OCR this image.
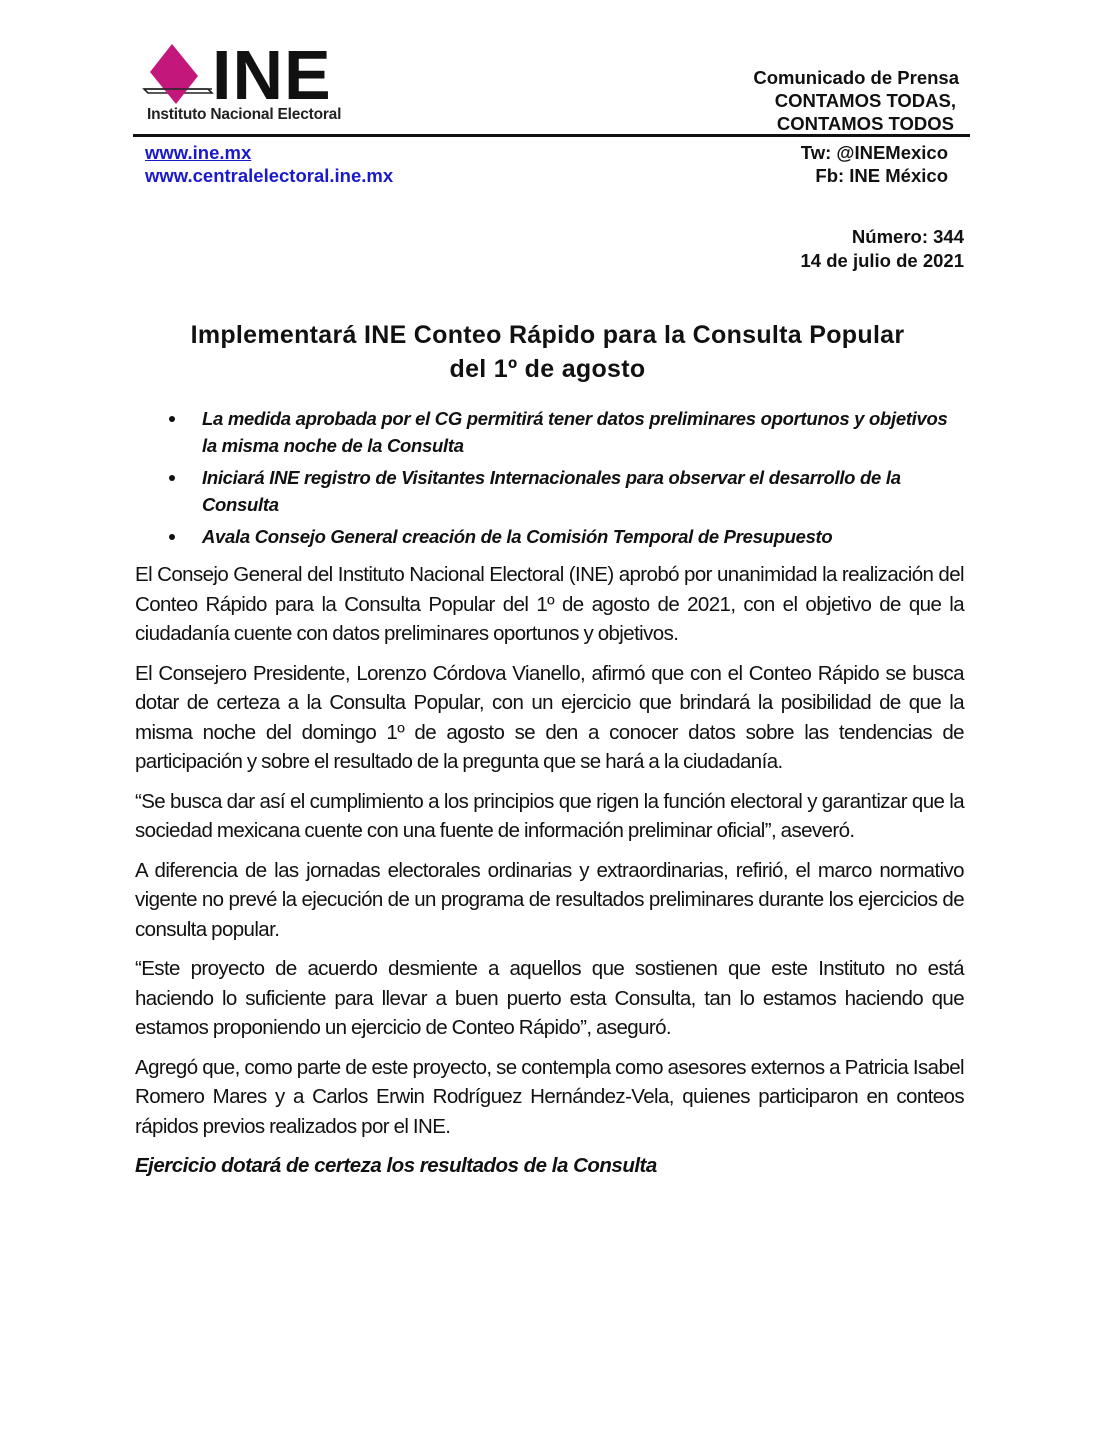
INE
Instituto Nacional Electoral
Comunicado de Prensa
CONTAMOS TODAS,
CONTAMOS TODOS
www.ine.mx
www.centralelectoral.ine.mx
Tw: @INEMexico
Fb: INE México
Número: 344
14 de julio de 2021
Implementará INE Conteo Rápido para la Consulta Popular
del 1º de agosto
La medida aprobada por el CG permitirá tener datos preliminares oportunos y objetivos la misma noche de la Consulta
Iniciará INE registro de Visitantes Internacionales para observar el desarrollo de la Consulta
Avala Consejo General creación de la Comisión Temporal de Presupuesto

El Consejo General del Instituto Nacional Electoral (INE) aprobó por unanimidad la realización del Conteo Rápido para la Consulta Popular del 1º de agosto de 2021, con el objetivo de que la ciudadanía cuente con datos preliminares oportunos y objetivos.

El Consejero Presidente, Lorenzo Córdova Vianello, afirmó que con el Conteo Rápido se busca dotar de certeza a la Consulta Popular, con un ejercicio que brindará la posibilidad de que la misma noche del domingo 1º de agosto se den a conocer datos sobre las tendencias de participación y sobre el resultado de la pregunta que se hará a la ciudadanía.

“Se busca dar así el cumplimiento a los principios que rigen la función electoral y garantizar que la sociedad mexicana cuente con una fuente de información preliminar oficial”, aseveró.

A diferencia de las jornadas electorales ordinarias y extraordinarias, refirió, el marco normativo vigente no prevé la ejecución de un programa de resultados preliminares durante los ejercicios de consulta popular.

“Este proyecto de acuerdo desmiente a aquellos que sostienen que este Instituto no está haciendo lo suficiente para llevar a buen puerto esta Consulta, tan lo estamos haciendo que estamos proponiendo un ejercicio de Conteo Rápido”, aseguró.

Agregó que, como parte de este proyecto, se contempla como asesores externos a Patricia Isabel Romero Mares y a Carlos Erwin Rodríguez Hernández-Vela, quienes participaron en conteos rápidos previos realizados por el INE.

Ejercicio dotará de certeza los resultados de la Consulta
